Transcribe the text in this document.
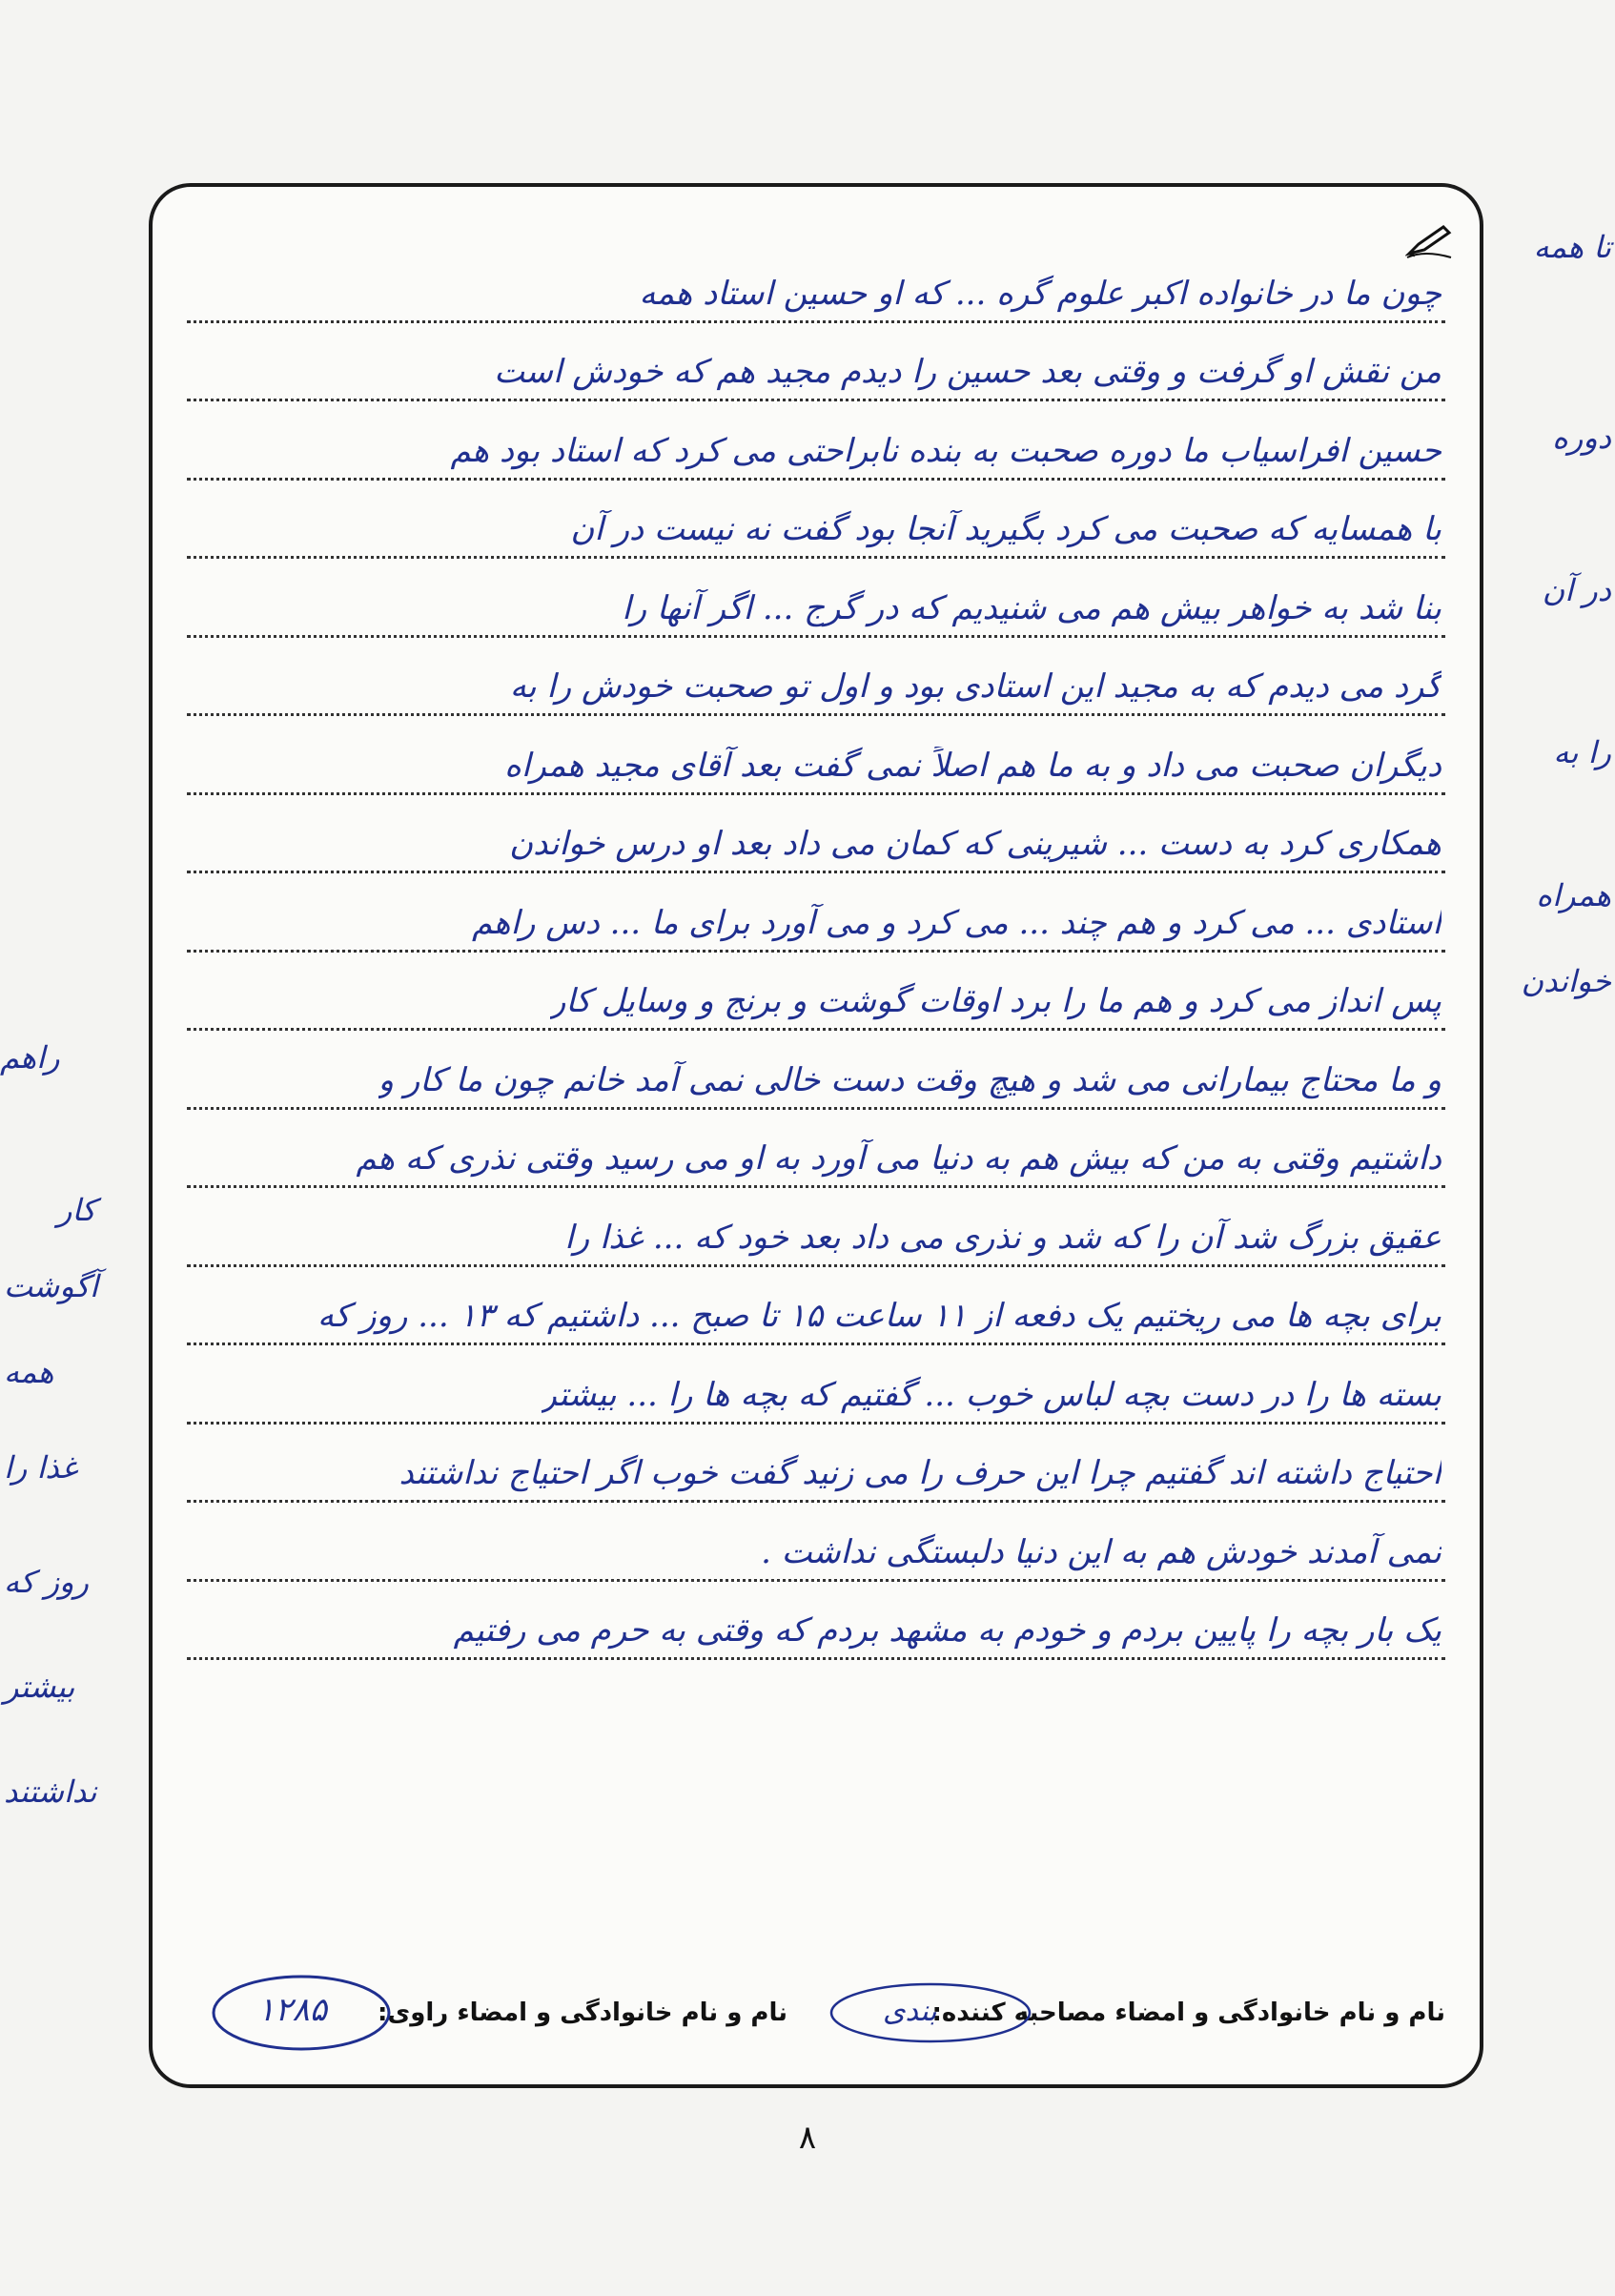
چون ما در خانواده اکبر علوم گره ... که او حسین استاد همه
من نقش او گرفت و وقتی بعد حسین را دیدم مجید هم که خودش است
حسین افراسیاب ما دوره صحبت به بنده نابراحتی می کرد که استاد بود هم
با همسایه که صحبت می کرد بگیرید آنجا بود گفت نه نیست در آن
بنا شد به خواهر بیش هم می شنیدیم که در گرج ... اگر آنها را
گرد می دیدم که به مجید این استادی بود و اول تو صحبت خودش را به
دیگران صحبت می داد و به ما هم اصلاً نمی گفت بعد آقای مجید همراه
همکاری کرد به دست ... شیرینی که کمان می داد بعد او درس خواندن
استادی ... می کرد و هم چند ... می کرد و می آورد برای ما ... دس راهم
پس انداز می کرد و هم ما را برد اوقات گوشت و برنج و وسایل کار
و ما محتاج بیمارانی می شد و هیچ وقت دست خالی نمی آمد خانم چون ما کار و
داشتیم وقتی به من که بیش هم به دنیا می آورد به او می رسید وقتی نذری که هم
عقیق بزرگ شد آن را که شد و نذری می داد بعد خود که ... غذا را
برای بچه ها می ریختیم یک دفعه از ۱۱ ساعت ۱۵ تا صبح ... داشتیم که ۱۳ ... روز که
بسته ها را در دست بچه لباس خوب ... گفتیم که بچه ها را ... بیشتر
احتیاج داشته اند گفتیم چرا این حرف را می زنید گفت خوب اگر احتیاج نداشتند
نمی آمدند خودش هم به این دنیا دلبستگی نداشت .
یک بار بچه را پایین بردم و خودم به مشهد بردم که وقتی به حرم می رفتیم
نام و نام خانوادگی و امضاء مصاحبه کننده:
بندی
نام و نام خانوادگی و امضاء راوی:
۱۲۸۵
تا همه
دوره
در آن
را به
همراه
خواندن
راهم
کار
آگوشت
همه
غذا را
روز که
بیشتر
نداشتند
۸
